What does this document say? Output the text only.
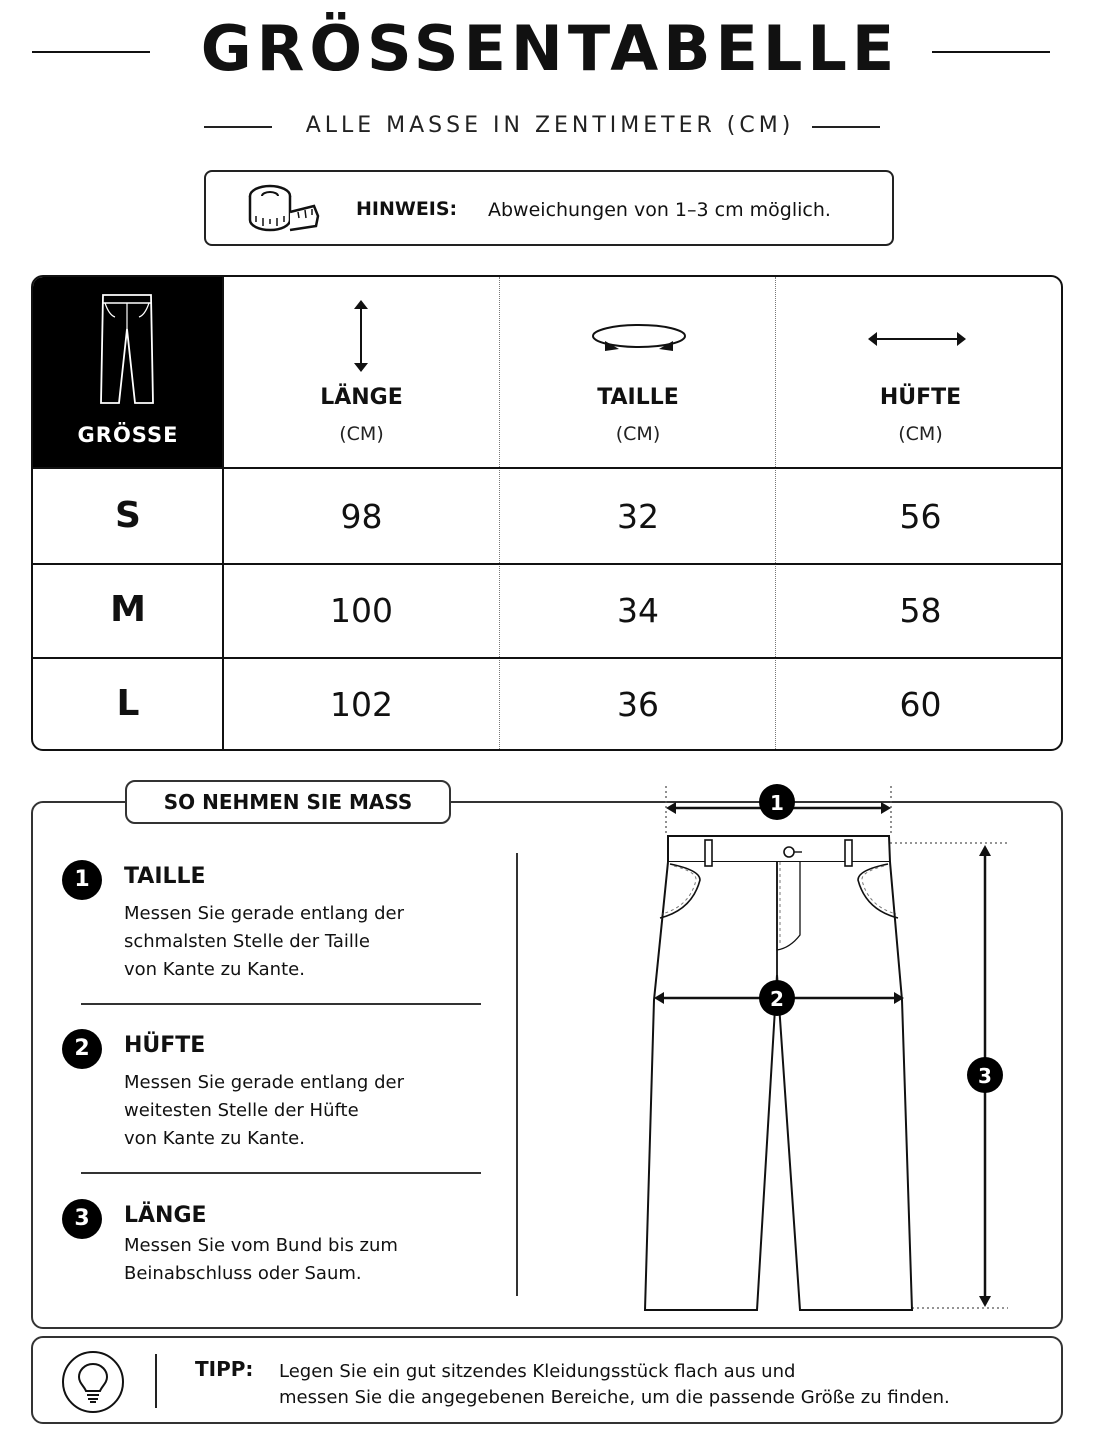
GRÖSSENTABELLE
ALLE MASSE IN ZENTIMETER (CM)
HINWEIS: Abweichungen von 1–3 cm möglich.
GRÖSSE
LÄNGE
(CM)
TAILLE
(CM)
HÜFTE
(CM)
S	98	32	56
M	100	34	58
L	102	36	60
SO NEHMEN SIE MASS
1	TAILLE
Messen Sie gerade entlang der
schmalsten Stelle der Taille
von Kante zu Kante.
2	HÜFTE
Messen Sie gerade entlang der
weitesten Stelle der Hüfte
von Kante zu Kante.
3	LÄNGE
Messen Sie vom Bund bis zum
Beinabschluss oder Saum.
1
2
3
TIPP: Legen Sie ein gut sitzendes Kleidungsstück flach aus und
messen Sie die angegebenen Bereiche, um die passende Größe zu finden.
